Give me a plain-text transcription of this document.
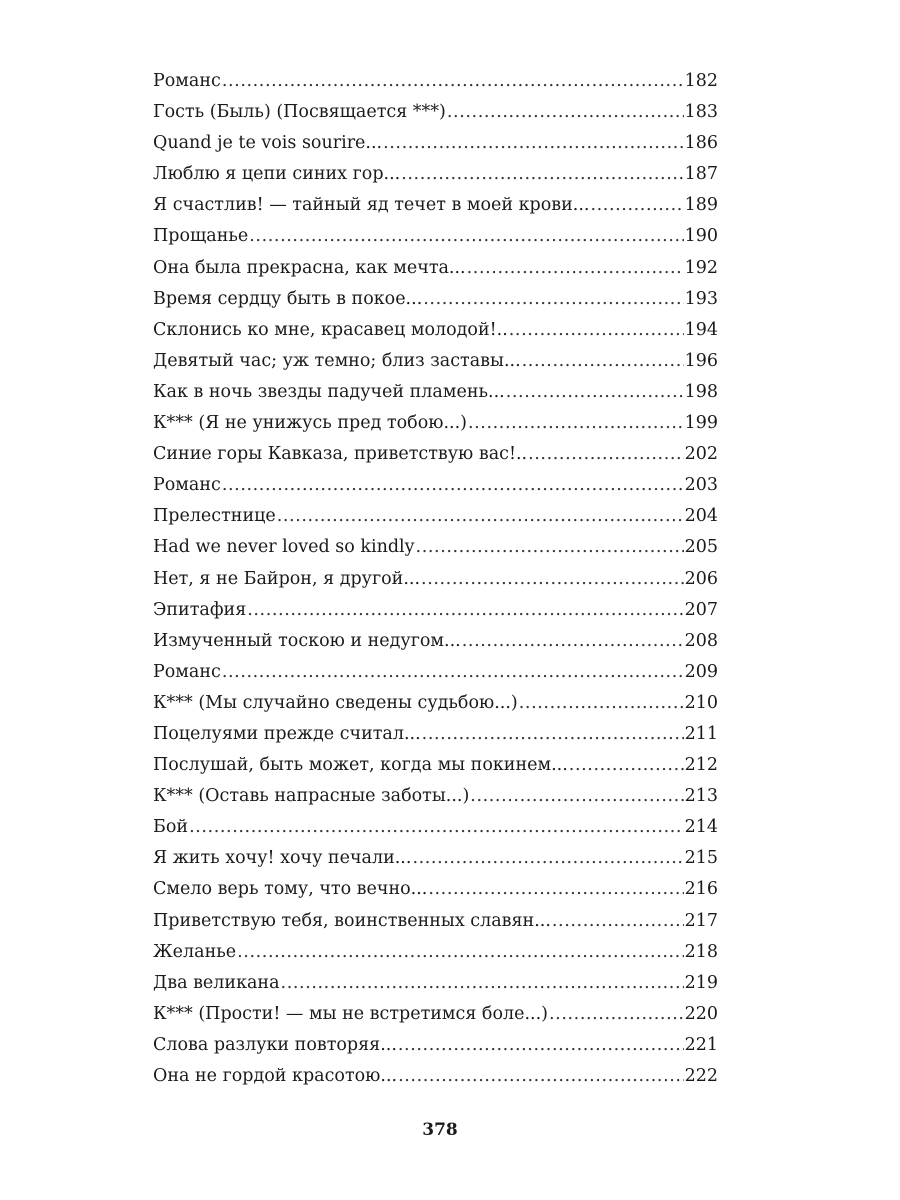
Романс .....	182
Гость (Быль) (Посвящается ***) .....	183
Quand je te vois sourire... .....	186
Люблю я цепи синих гор... .....	187
Я счастлив! — тайный яд течет в моей крови... .....	189
Прощанье .....	190
Она была прекрасна, как мечта... .....	192
Время сердцу быть в покое... .....	193
Склонись ко мне, красавец молодой!.. .....	194
Девятый час; уж темно; близ заставы... .....	196
Как в ночь звезды падучей пламень... .....	198
К*** (Я не унижусь пред тобою...) .....	199
Синие горы Кавказа, приветствую вас!.. .....	202
Романс .....	203
Прелестнице .....	204
Had we never loved so kindly .....	205
Нет, я не Байрон, я другой... .....	206
Эпитафия .....	207
Измученный тоскою и недугом... .....	208
Романс .....	209
К*** (Мы случайно сведены судьбою...) .....	210
Поцелуями прежде считал... .....	211
Послушай, быть может, когда мы покинем... .....	212
К*** (Оставь напрасные заботы...) .....	213
Бой .....	214
Я жить хочу! хочу печали... .....	215
Смело верь тому, что вечно... .....	216
Приветствую тебя, воинственных славян... .....	217
Желанье .....	218
Два великана .....	219
К*** (Прости! — мы не встретимся боле...) .....	220
Слова разлуки повторяя... .....	221
Она не гордой красотою... .....	222
378
